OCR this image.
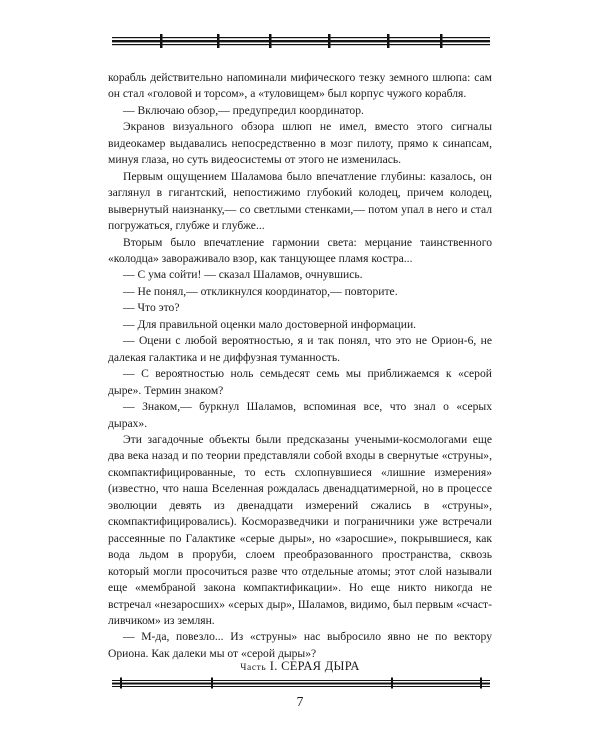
корабль действительно напоминали мифического тезку земного шлюпа: сам он стал «головой и торсом», а «туловищем» был корпус чужого корабля.

— Включаю обзор,— предупредил координатор.

Экранов визуального обзора шлюп не имел, вместо этого сигналы видеокамер выдавались непосредственно в мозг пилоту, прямо к синапсам, минуя глаза, но суть видеосистемы от этого не изменилась.

Первым ощущением Шаламова было впечатление глубины: казалось, он заглянул в гигантский, непостижимо глубокий колодец, причем колодец, вывернутый наизнанку,— со светлыми стенками,— потом упал в него и стал погружаться, глубже и глубже...

Вторым было впечатление гармонии света: мерцание таинственного «колодца» завораживало взор, как танцующее пламя костра...

— С ума сойти! — сказал Шаламов, очнувшись.

— Не понял,— откликнулся координатор,— повторите.

— Что это?

— Для правильной оценки мало достоверной информации.

— Оцени с любой вероятностью, я и так понял, что это не Орион-6, не далекая галактика и не диффузная туманность.

— С вероятностью ноль семьдесят семь мы приближаемся к «серой дыре». Термин знаком?

— Знаком,— буркнул Шаламов, вспоминая все, что знал о «серых дырах».

Эти загадочные объекты были предсказаны учеными-космологами еще два века назад и по теории представляли собой входы в свернутые «струны», скомпактифицированные, то есть схлопнувшиеся «лишние измерения» (известно, что наша Вселенная рождалась двенадцатимерной, но в процессе эволюции девять из двенадцати измерений сжались в «струны», скомпактифицировались). Косморазведчики и пограничники уже встречали рассеянные по Галактике «серые дыры», но «заросшие», покрывшиеся, как вода льдом в проруби, слоем преобразованного пространства, сквозь который могли просочиться разве что отдельные атомы; этот слой называли еще «мембраной закона компактификации». Но еще никто никогда не встречал «незаросших» «серых дыр», Шаламов, видимо, был первым «счастливчиком» из землян.

— М-да, повезло... Из «струны» нас выбросило явно не по вектору Ориона. Как далеки мы от «серой дыры»?

Часть I. СЕРАЯ ДЫРА
7
